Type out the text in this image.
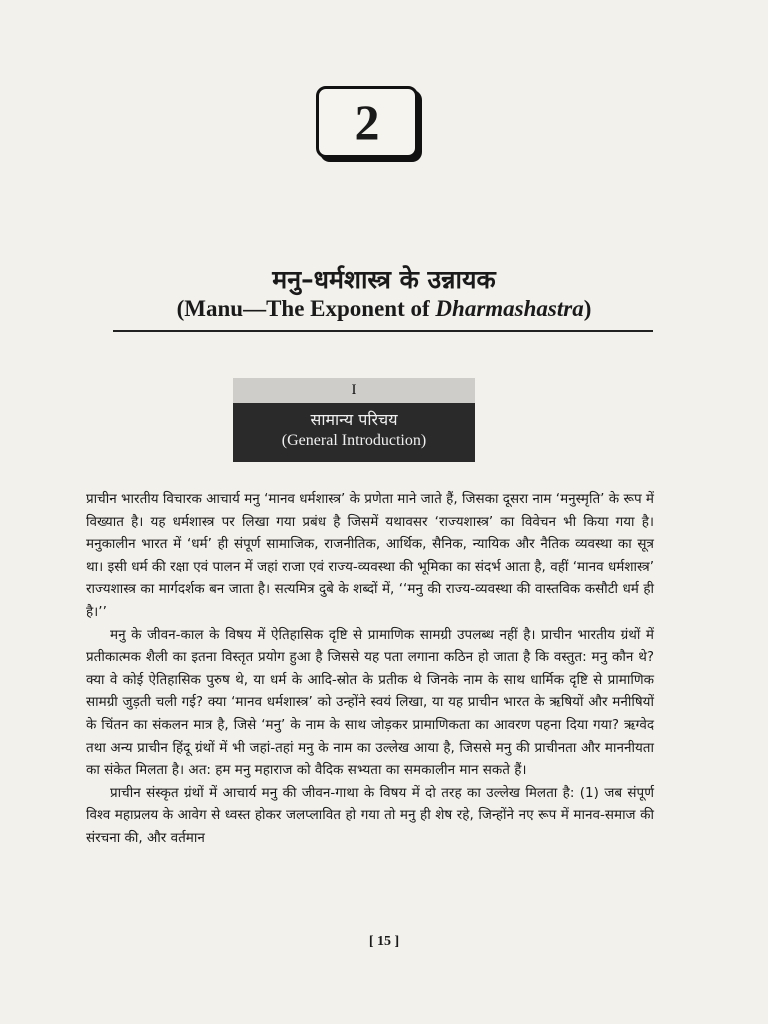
2
मनु–धर्मशास्त्र के उन्नायक
(Manu—The Exponent of Dharmashastra)
I
सामान्य परिचय
(General Introduction)

प्राचीन भारतीय विचारक आचार्य मनु ‘मानव धर्मशास्त्र’ के प्रणेता माने जाते हैं, जिसका दूसरा नाम ‘मनुस्मृति’ के रूप में विख्यात है। यह धर्मशास्त्र पर लिखा गया प्रबंध है जिसमें यथावसर ‘राज्यशास्त्र’ का विवेचन भी किया गया है। मनुकालीन भारत में ‘धर्म’ ही संपूर्ण सामाजिक, राजनीतिक, आर्थिक, सैनिक, न्यायिक और नैतिक व्यवस्था का सूत्र था। इसी धर्म की रक्षा एवं पालन में जहां राजा एवं राज्य-व्यवस्था की भूमिका का संदर्भ आता है, वहीं ‘मानव धर्मशास्त्र’ राज्यशास्त्र का मार्गदर्शक बन जाता है। सत्यमित्र दुबे के शब्दों में, ‘‘मनु की राज्य-व्यवस्था की वास्तविक कसौटी धर्म ही है।’’

मनु के जीवन-काल के विषय में ऐतिहासिक दृष्टि से प्रामाणिक सामग्री उपलब्ध नहीं है। प्राचीन भारतीय ग्रंथों में प्रतीकात्मक शैली का इतना विस्तृत प्रयोग हुआ है जिससे यह पता लगाना कठिन हो जाता है कि वस्तुत: मनु कौन थे? क्या वे कोई ऐतिहासिक पुरुष थे, या धर्म के आदि-स्रोत के प्रतीक थे जिनके नाम के साथ धार्मिक दृष्टि से प्रामाणिक सामग्री जुड़ती चली गई? क्या ‘मानव धर्मशास्त्र’ को उन्होंने स्वयं लिखा, या यह प्राचीन भारत के ऋषियों और मनीषियों के चिंतन का संकलन मात्र है, जिसे ‘मनु’ के नाम के साथ जोड़कर प्रामाणिकता का आवरण पहना दिया गया? ऋग्वेद तथा अन्य प्राचीन हिंदू ग्रंथों में भी जहां-तहां मनु के नाम का उल्लेख आया है, जिससे मनु की प्राचीनता और माननीयता का संकेत मिलता है। अत: हम मनु महाराज को वैदिक सभ्यता का समकालीन मान सकते हैं।

प्राचीन संस्कृत ग्रंथों में आचार्य मनु की जीवन-गाथा के विषय में दो तरह का उल्लेख मिलता है: (1) जब संपूर्ण विश्व महाप्रलय के आवेग से ध्वस्त होकर जलप्लावित हो गया तो मनु ही शेष रहे, जिन्होंने नए रूप में मानव-समाज की संरचना की, और वर्तमान

[ 15 ]
